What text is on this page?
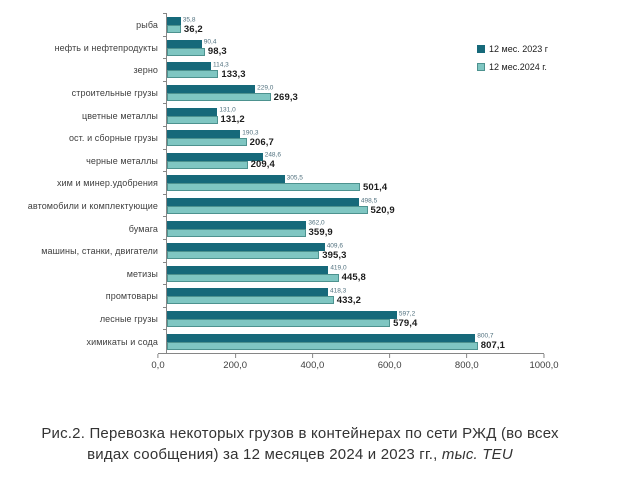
рыба
35,8
36,2
нефть и нефтепродукты
90,4
98,3
зерно
114,3
133,3
строительные грузы
229,0
269,3
цветные металлы
131,0
131,2
ост. и сборные грузы
190,3
206,7
черные металлы
248,6
209,4
хим и минер.удобрения
305,5
501,4
автомобили и комплектующие
498,5
520,9
бумага
362,0
359,9
машины, станки, двигатели
409,6
395,3
метизы
419,0
445,8
промтовары
418,3
433,2
лесные грузы
597,2
579,4
химикаты и сода
800,7
807,1
0,0	200,0	400,0	600,0	800,0	1000,0
12 мес. 2023 г
12 мес.2024 г.
Рис.2. Перевозка некоторых грузов в контейнерах по сети РЖД (во всех
видах сообщения) за 12 месяцев 2024 и 2023 гг., тыс. TEU
